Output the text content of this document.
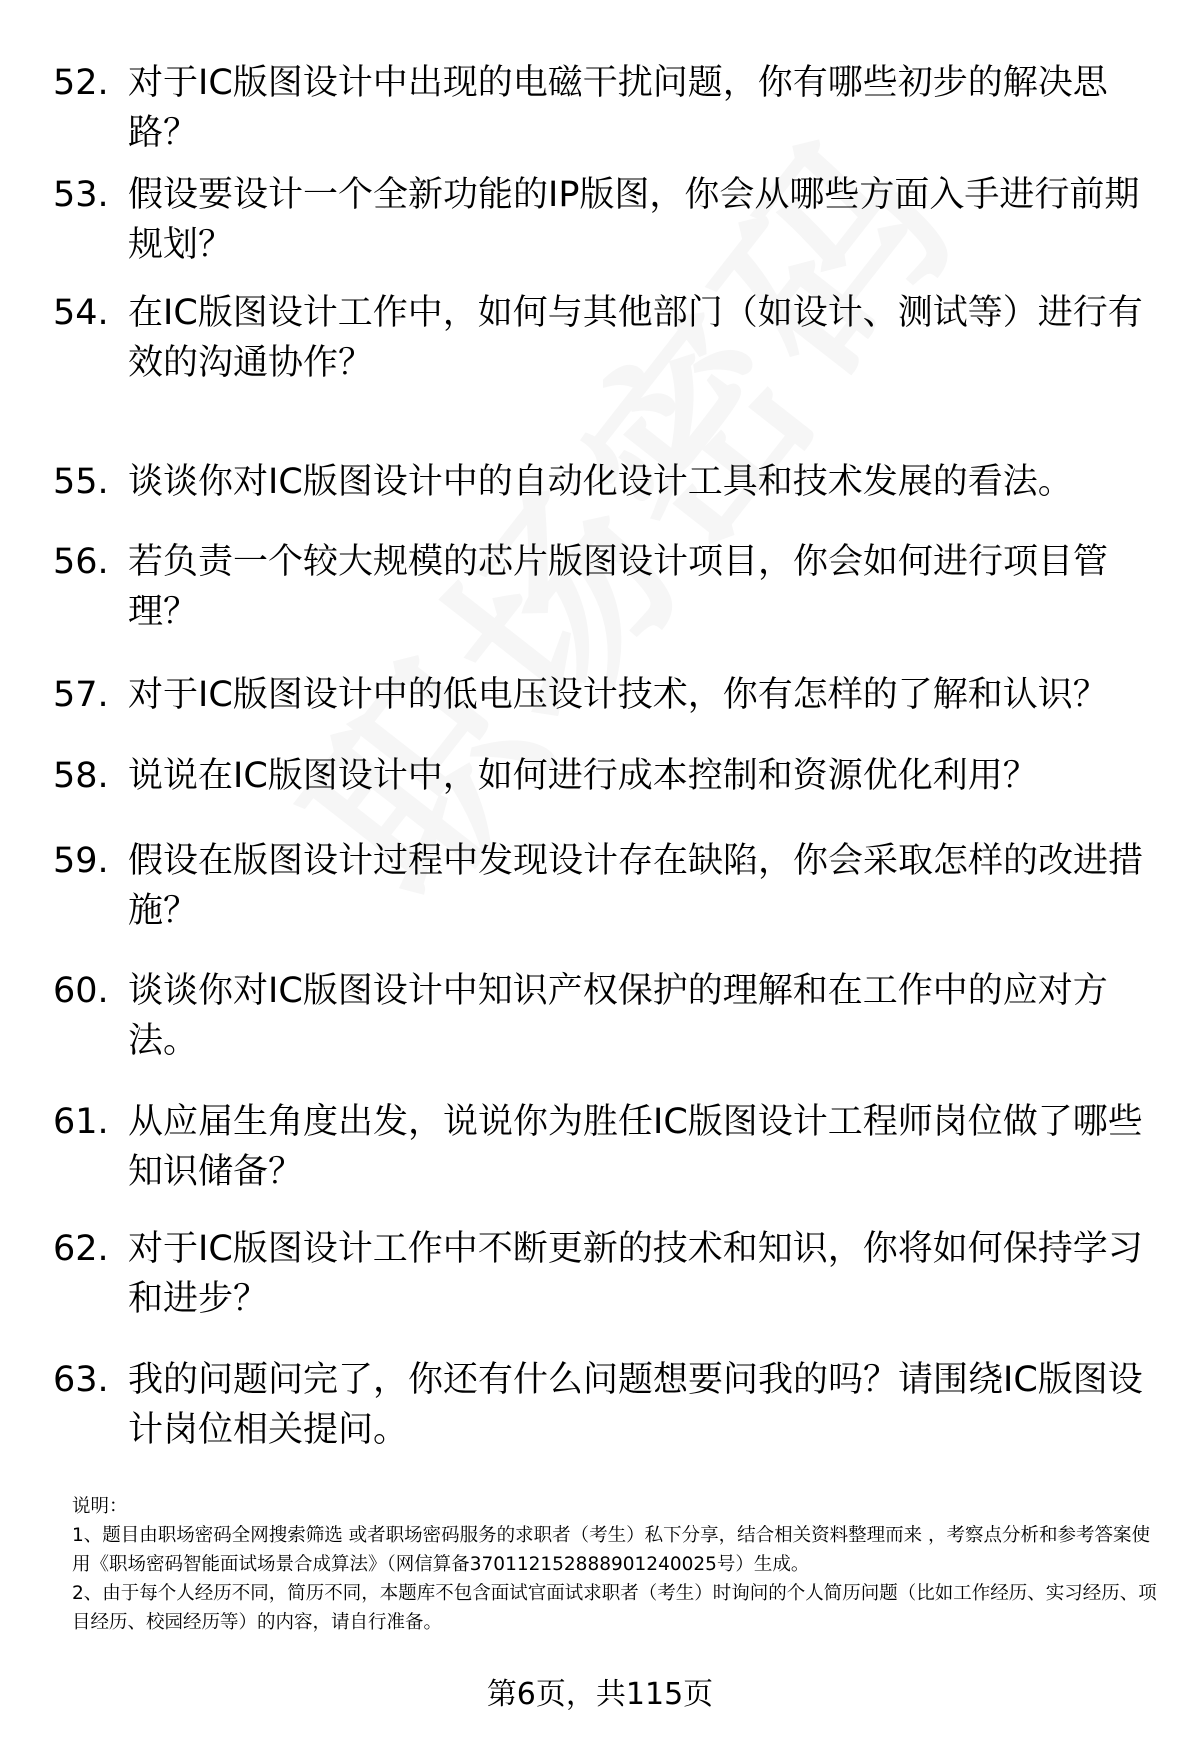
52. 对于IC版图设计中出现的电磁干扰问题，你有哪些初步的解决思路？
53. 假设要设计一个全新功能的IP版图，你会从哪些方面入手进行前期规划？
54. 在IC版图设计工作中，如何与其他部门（如设计、测试等）进行有效的沟通协作？
55. 谈谈你对IC版图设计中的自动化设计工具和技术发展的看法。
56. 若负责一个较大规模的芯片版图设计项目，你会如何进行项目管理？
57. 对于IC版图设计中的低电压设计技术，你有怎样的了解和认识？
58. 说说在IC版图设计中，如何进行成本控制和资源优化利用？
59. 假设在版图设计过程中发现设计存在缺陷，你会采取怎样的改进措施？
60. 谈谈你对IC版图设计中知识产权保护的理解和在工作中的应对方法。
61. 从应届生角度出发，说说你为胜任IC版图设计工程师岗位做了哪些知识储备？
62. 对于IC版图设计工作中不断更新的技术和知识，你将如何保持学习和进步？
63. 我的问题问完了，你还有什么问题想要问我的吗？请围绕IC版图设计岗位相关提问。

说明：

1、题目由职场密码全网搜索筛选 或者职场密码服务的求职者（考生）私下分享，结合相关资料整理而来 ，考察点分析和参考答案使用《职场密码智能面试场景合成算法》（网信算备3701121528889012400​25号）生成。

2、由于每个人经历不同，简历不同，本题库不包含面试官面试求职者（考生）时询问的个人简历问题（比如工作经历、实习经历、项目经历、校园经历等）的内容，请自行准备。

第6页，共115页
